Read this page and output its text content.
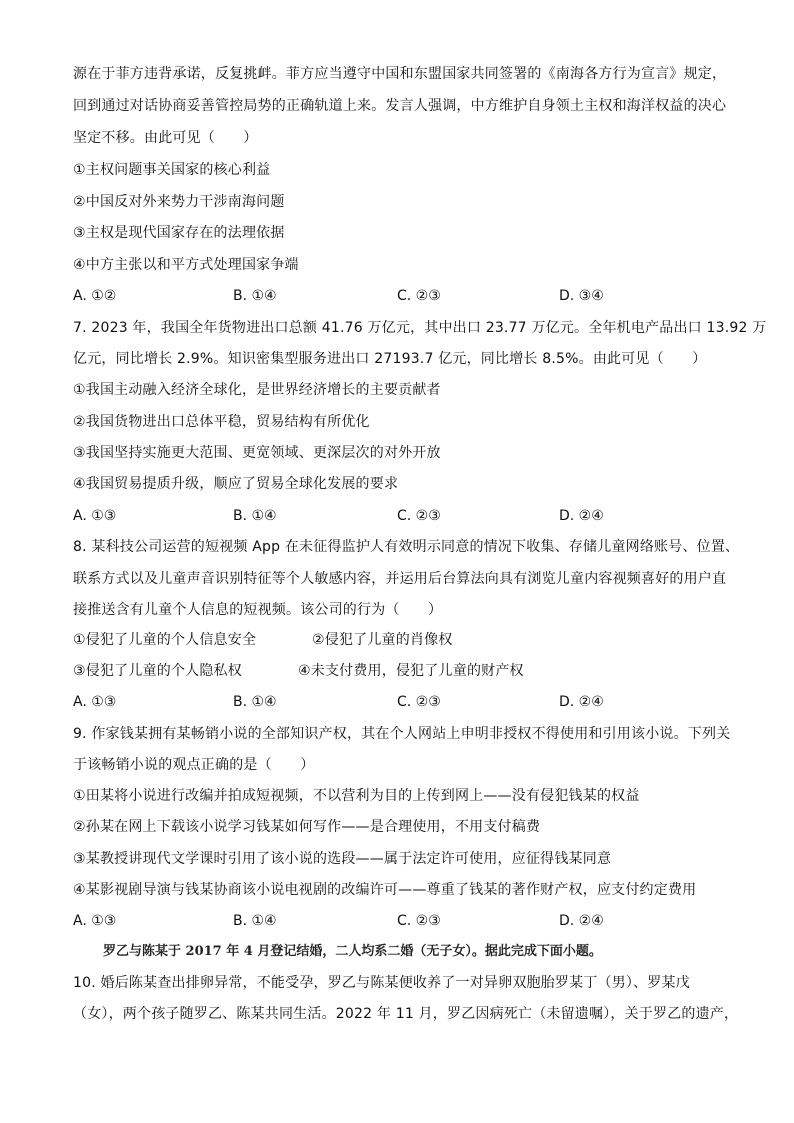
源在于菲方违背承诺，反复挑衅。菲方应当遵守中国和东盟国家共同签署的《南海各方行为宣言》规定，
回到通过对话协商妥善管控局势的正确轨道上来。发言人强调，中方维护自身领土主权和海洋权益的决心
坚定不移。由此可见（　　）
①主权问题事关国家的核心利益
②中国反对外来势力干涉南海问题
③主权是现代国家存在的法理依据
④中方主张以和平方式处理国家争端
A. ①②	B. ①④	C. ②③	D. ③④
7. 2023 年，我国全年货物进出口总额 41.76 万亿元，其中出口 23.77 万亿元。全年机电产品出口 13.92 万
亿元，同比增长 2.9%。知识密集型服务进出口 27193.7 亿元，同比增长 8.5%。由此可见（　　）
①我国主动融入经济全球化，是世界经济增长的主要贡献者
②我国货物进出口总体平稳，贸易结构有所优化
③我国坚持实施更大范围、更宽领域、更深层次的对外开放
④我国贸易提质升级，顺应了贸易全球化发展的要求
A. ①③	B. ①④	C. ②③	D. ②④
8. 某科技公司运营的短视频 App 在未征得监护人有效明示同意的情况下收集、存储儿童网络账号、位置、
联系方式以及儿童声音识别特征等个人敏感内容，并运用后台算法向具有浏览儿童内容视频喜好的用户直
接推送含有儿童个人信息的短视频。该公司的行为（　　）
①侵犯了儿童的个人信息安全	②侵犯了儿童的肖像权
③侵犯了儿童的个人隐私权	④未支付费用，侵犯了儿童的财产权
A. ①③	B. ①④	C. ②③	D. ②④
9. 作家钱某拥有某畅销小说的全部知识产权，其在个人网站上申明非授权不得使用和引用该小说。下列关
于该畅销小说的观点正确的是（　　）
①田某将小说进行改编并拍成短视频，不以营利为目的上传到网上——没有侵犯钱某的权益
②孙某在网上下载该小说学习钱某如何写作——是合理使用，不用支付稿费
③某教授讲现代文学课时引用了该小说的选段——属于法定许可使用，应征得钱某同意
④某影视剧导演与钱某协商该小说电视剧的改编许可——尊重了钱某的著作财产权，应支付约定费用
A. ①③	B. ①④	C. ②③	D. ②④
罗乙与陈某于 2017 年 4 月登记结婚，二人均系二婚（无子女）。据此完成下面小题。
10. 婚后陈某查出排卵异常，不能受孕，罗乙与陈某便收养了一对异卵双胞胎罗某丁（男）、罗某戊
（女），两个孩子随罗乙、陈某共同生活。2022 年 11 月，罗乙因病死亡（未留遗嘱），关于罗乙的遗产，
